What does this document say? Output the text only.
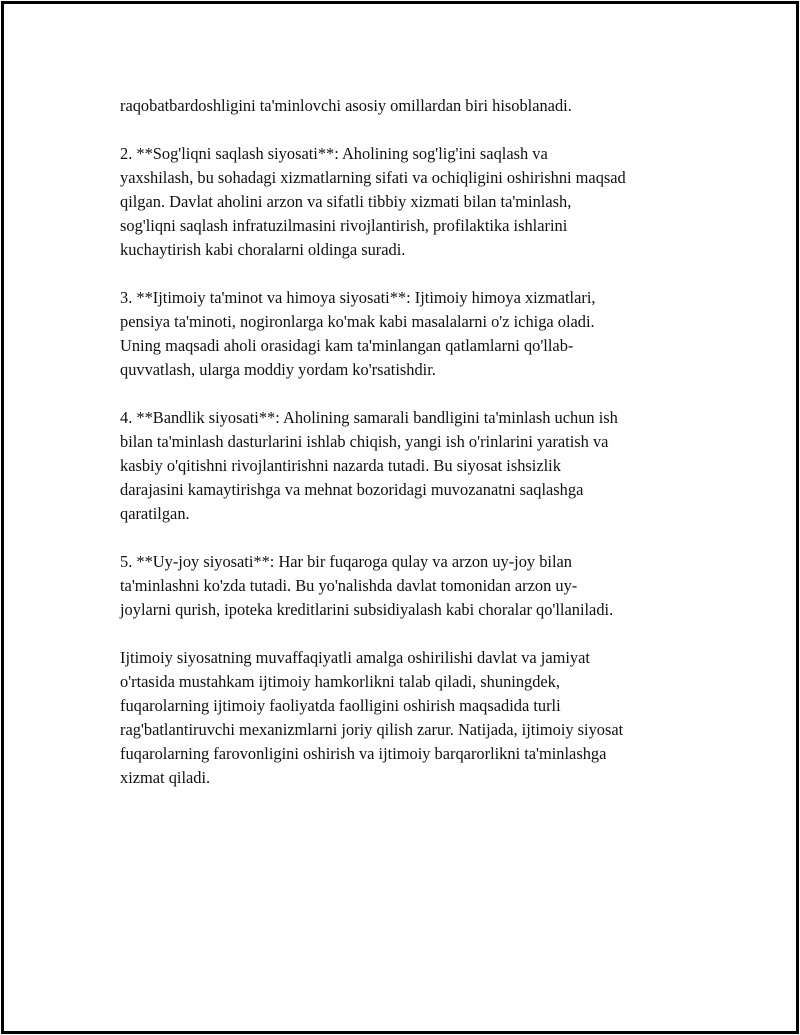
raqobatbardoshligini ta'minlovchi asosiy omillardan biri hisoblanadi.

2. **Sog'liqni saqlash siyosati**: Aholining sog'lig'ini saqlash va
yaxshilash, bu sohadagi xizmatlarning sifati va ochiqligini oshirishni maqsad
qilgan. Davlat aholini arzon va sifatli tibbiy xizmati bilan ta'minlash,
sog'liqni saqlash infratuzilmasini rivojlantirish, profilaktika ishlarini
kuchaytirish kabi choralarni oldinga suradi.

3. **Ijtimoiy ta'minot va himoya siyosati**: Ijtimoiy himoya xizmatlari,
pensiya ta'minoti, nogironlarga ko'mak kabi masalalarni o'z ichiga oladi.
Uning maqsadi aholi orasidagi kam ta'minlangan qatlamlarni qo'llab-
quvvatlash, ularga moddiy yordam ko'rsatishdir.

4. **Bandlik siyosati**: Aholining samarali bandligini ta'minlash uchun ish
bilan ta'minlash dasturlarini ishlab chiqish, yangi ish o'rinlarini yaratish va
kasbiy o'qitishni rivojlantirishni nazarda tutadi. Bu siyosat ishsizlik
darajasini kamaytirishga va mehnat bozoridagi muvozanatni saqlashga
qaratilgan.

5. **Uy-joy siyosati**: Har bir fuqaroga qulay va arzon uy-joy bilan
ta'minlashni ko'zda tutadi. Bu yo'nalishda davlat tomonidan arzon uy-
joylarni qurish, ipoteka kreditlarini subsidiyalash kabi choralar qo'llaniladi.

Ijtimoiy siyosatning muvaffaqiyatli amalga oshirilishi davlat va jamiyat
o'rtasida mustahkam ijtimoiy hamkorlikni talab qiladi, shuningdek,
fuqarolarning ijtimoiy faoliyatda faolligini oshirish maqsadida turli
rag'batlantiruvchi mexanizmlarni joriy qilish zarur. Natijada, ijtimoiy siyosat
fuqarolarning farovonligini oshirish va ijtimoiy barqarorlikni ta'minlashga
xizmat qiladi.
